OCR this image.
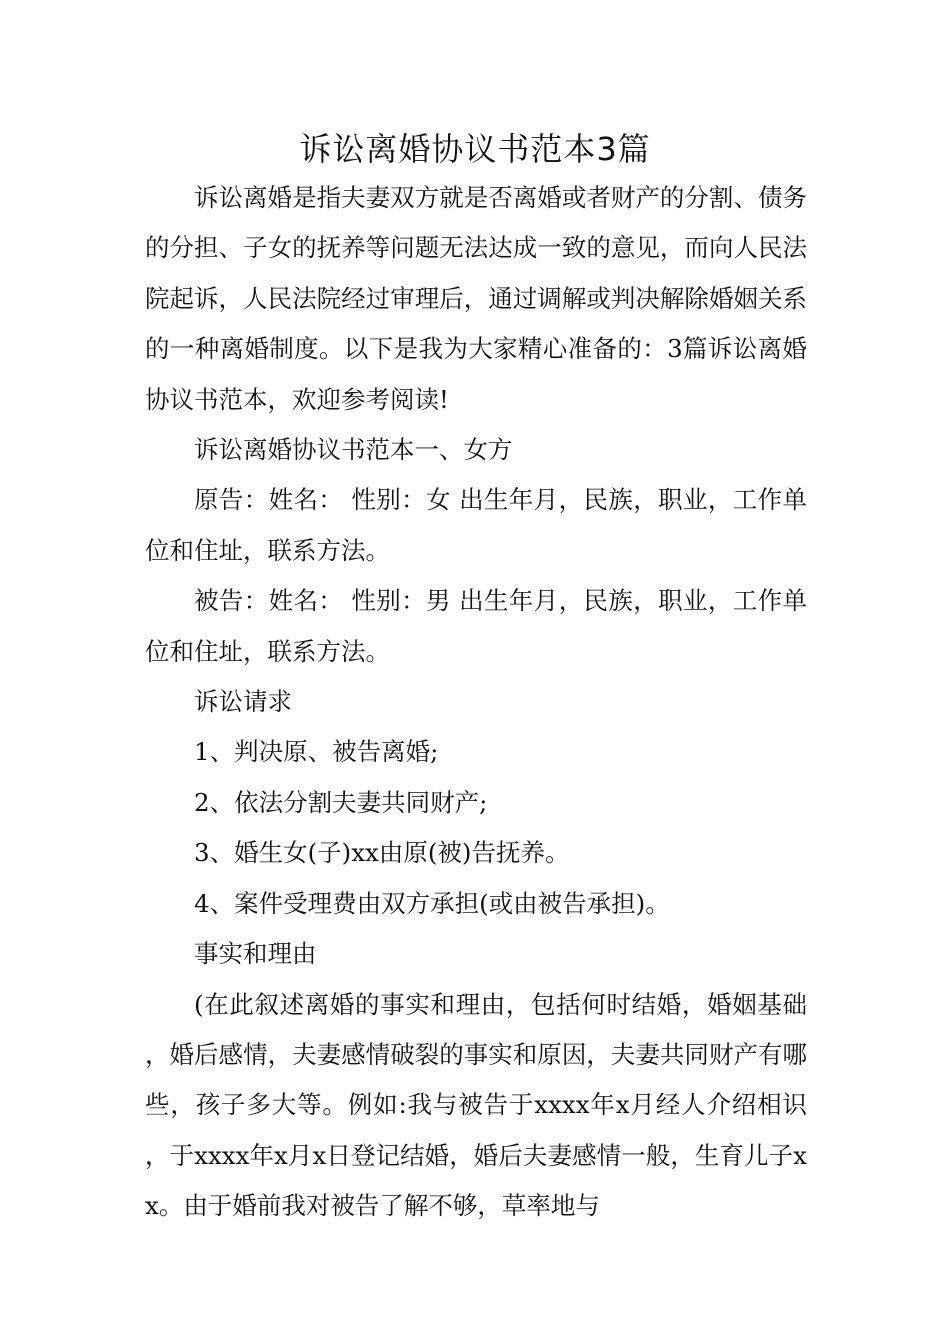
诉讼离婚协议书范本3篇

诉讼离婚是指夫妻双方就是否离婚或者财产的分割、债务的分担、子女的抚养等问题无法达成一致的意见，而向人民法院起诉，人民法院经过审理后，通过调解或判决解除婚姻关系的一种离婚制度。以下是我为大家精心准备的：3篇诉讼离婚协议书范本，欢迎参考阅读!

诉讼离婚协议书范本一、女方

原告：姓名： 性别：女 出生年月，民族，职业，工作单位和住址，联系方法。

被告：姓名： 性别：男 出生年月，民族，职业，工作单位和住址，联系方法。

诉讼请求

1、判决原、被告离婚;

2、依法分割夫妻共同财产;

3、婚生女(子)xx由原(被)告抚养。

4、案件受理费由双方承担(或由被告承担)。

事实和理由

(在此叙述离婚的事实和理由，包括何时结婚，婚姻基础，婚后感情，夫妻感情破裂的事实和原因，夫妻共同财产有哪些，孩子多大等。例如:我与被告于xxxx年x月经人介绍相识，于xxxx年x月x日登记结婚，婚后夫妻感情一般，生育儿子xx。由于婚前我对被告了解不够，草率地与
